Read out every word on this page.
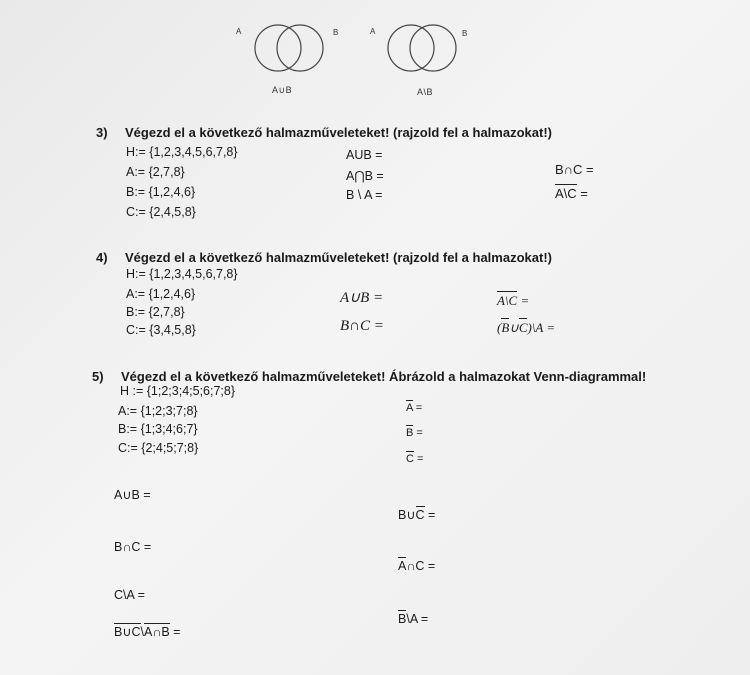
A	B
A∪B
A	B
A\B
3) Végezd el a következő halmazműveleteket! (rajzold fel a halmazokat!)
H:= {1,2,3,4,5,6,7,8}
A:= {2,7,8}
B:= {1,2,4,6}
C:= {2,4,5,8}
AUB =
A⋂B =
B \ A =
B∩C =
A\C =
4) Végezd el a következő halmazműveleteket! (rajzold fel a halmazokat!)
H:= {1,2,3,4,5,6,7,8}
A:= {1,2,4,6}
B:= {2,7,8}
C:= {3,4,5,8}
A∪B =
B∩C =
A\C =
(B∪C)\A =
5) Végezd el a következő halmazműveleteket! Ábrázold a halmazokat Venn-diagrammal!
H := {1;2;3;4;5;6;7;8}
A:= {1;2;3;7;8}
B:= {1;3;4;6;7}
C:= {2;4;5;7;8}
A =
B =
C =
A∪B =
B∪C =
B∩C =
A∩C =
C\A =
B\A =
B∪C\A∩B =
